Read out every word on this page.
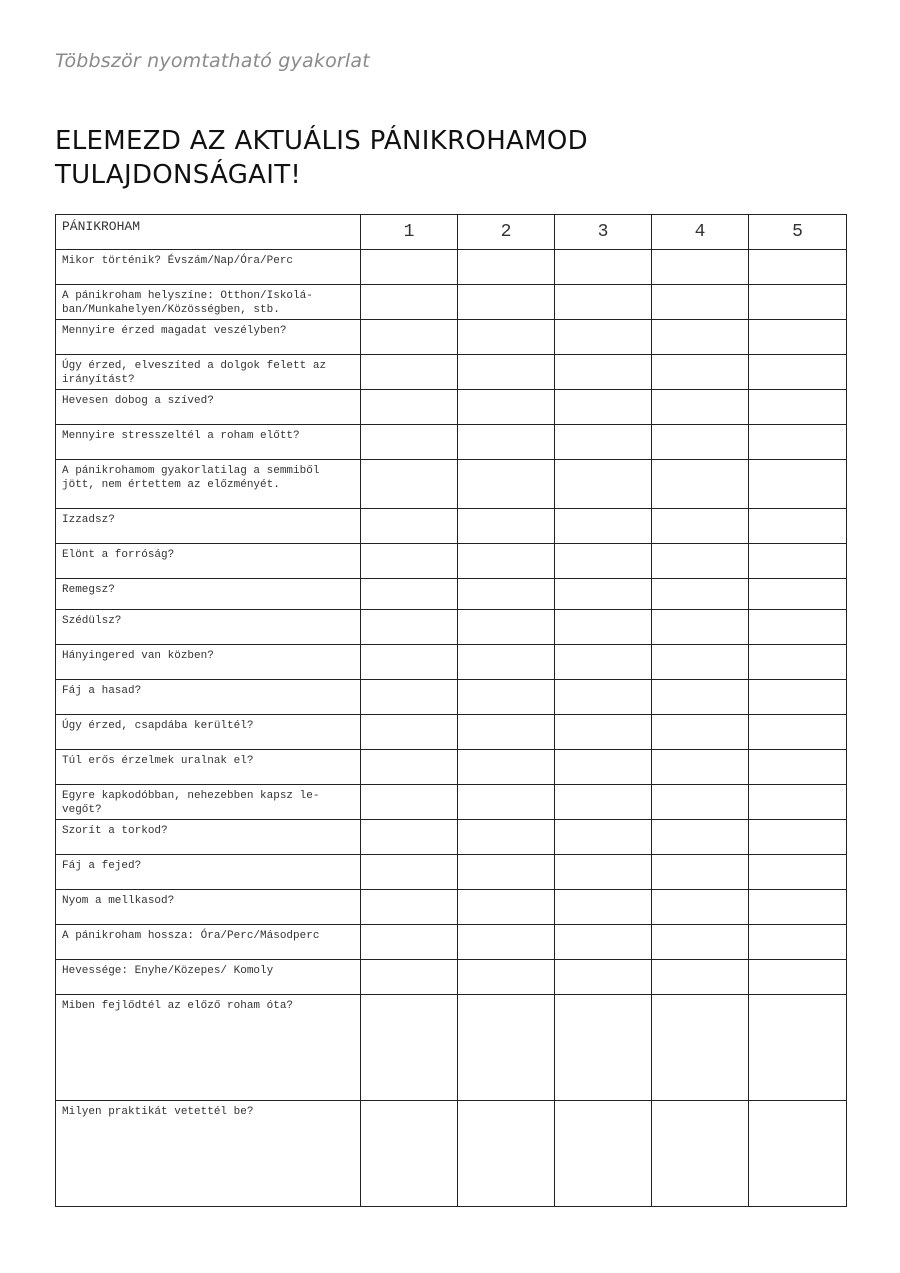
Többször nyomtatható gyakorlat
ELEMEZD AZ AKTUÁLIS PÁNIKROHAMOD
TULAJDONSÁGAIT!
PÁNIKROHAM	1	2	3	4	5

Mikor történik? Évszám/Nap/Óra/Perc					

A pánikroham helyszíne: Otthon/Iskolá-
ban/Munkahelyen/Közösségben, stb.					

Mennyire érzed magadat veszélyben?					

Úgy érzed, elveszíted a dolgok felett az
irányítást?					

Hevesen dobog a szíved?					

Mennyire stresszeltél a roham előtt?					

A pánikrohamom gyakorlatilag a semmiből
jött, nem értettem az előzményét.					

Izzadsz?					

Elönt a forróság?					

Remegsz?					

Szédülsz?					

Hányingered van közben?					

Fáj a hasad?					

Úgy érzed, csapdába kerültél?					

Túl erős érzelmek uralnak el?					

Egyre kapkodóbban, nehezebben kapsz le-
vegőt?					

Szorít a torkod?					

Fáj a fejed?					

Nyom a mellkasod?					

A pánikroham hossza: Óra/Perc/Másodperc					

Hevessége: Enyhe/Közepes/ Komoly					

Miben fejlődtél az előző roham óta?					

Milyen praktikát vetettél be?					
